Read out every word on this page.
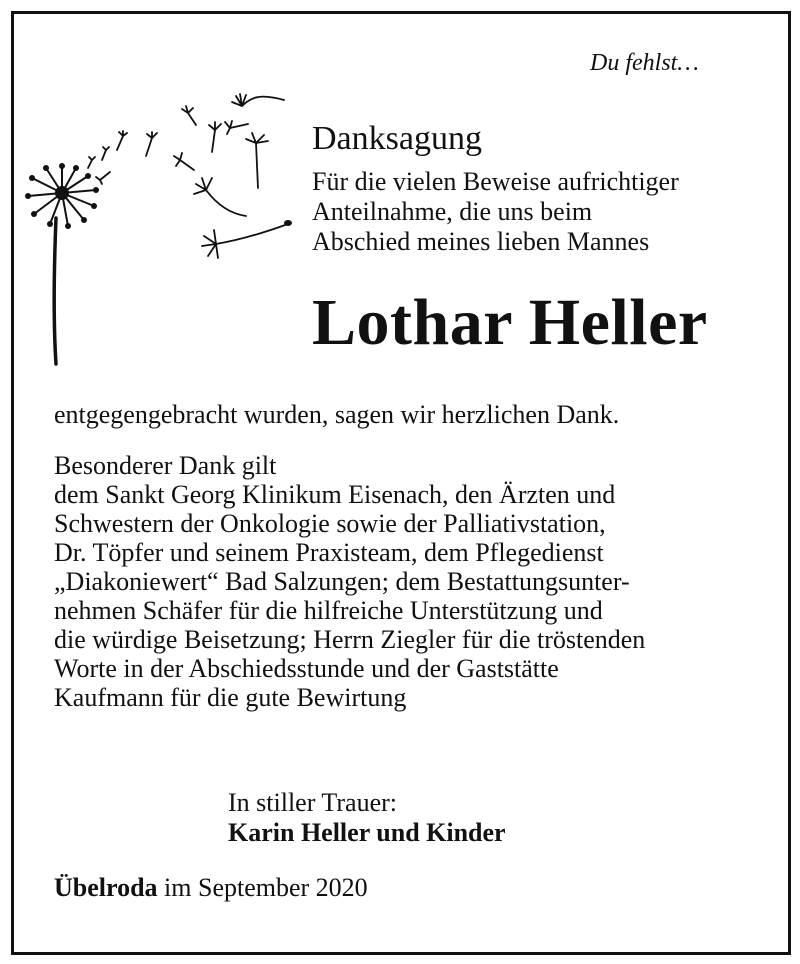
Du fehlst…
Danksagung
Für die vielen Beweise aufrichtiger
Anteilnahme, die uns beim
Abschied meines lieben Mannes
Lothar Heller
entgegengebracht wurden, sagen wir herzlichen Dank.
Besonderer Dank gilt
dem Sankt Georg Klinikum Eisenach, den Ärzten und
Schwestern der Onkologie sowie der Palliativstation,
Dr. Töpfer und seinem Praxisteam, dem Pflegedienst
„Diakoniewert“ Bad Salzungen; dem Bestattungsunter-
nehmen Schäfer für die hilfreiche Unterstützung und
die würdige Beisetzung; Herrn Ziegler für die tröstenden
Worte in der Abschiedsstunde und der Gaststätte
Kaufmann für die gute Bewirtung
In stiller Trauer:
Karin Heller und Kinder
Übelroda im September 2020
